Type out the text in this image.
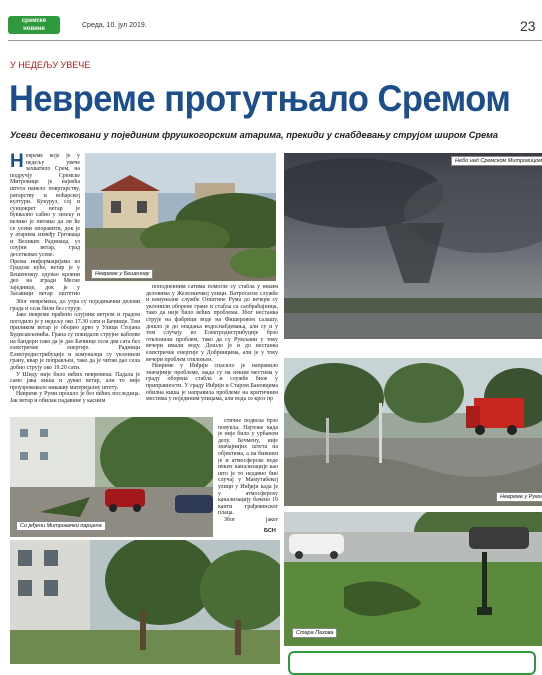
сремске
новине	Среда, 10. јул 2019.	23
У НЕДЕЉУ УВЕЧЕ
Невреме протутњало Сремом
Усеви десетковани у појединим фрушкогорским атарима, прекиди у снабдевању струјом широм Срема
Н евреме које је у недељу увече захватило Срем, на подручју Сремске Митровице је највећа штета нанело повртарству, ратарству и воћарској култури. Кукуруз, сој и сунцокрет ветар је буквално сабио у земљу и велико је питање да ли ће се усеви опоравити, док је у атарима између Грговаца и Великих Радинаца, уз олујни ветар, град десетковао усеве.
Према информацијама из Градске куће, ветар је у Бешеновцу одувао кровни део на згради Месне заједнице, док је у Засавици ветар оштетио

Због невремена, до утра су појединачни делови града и села били без струје.

Јако невреме праћено олујним ветром и градом погодило је у недељу око 17.30 сати и Бачинце. Том приликом ветар је оборио дрво у Улици Стојана Будисављевића. Грана су покидали струјне каблове на бандери тако да је дао Бачинце села два сата без електричне енергије. Радници Електродистрибуције и комуналци су уклонили грану, квар је поправљен, тако да је читав дао села добио струју око 19.20 сати.

У Шиду није било већих невремена. Падала је само јака киша и дувао ветар, али то није проузроковало никакву материјалну штету.

Невреме у Руми прошло је без већих последица. Јак ветар и обилан падавине у касним

поподневним сатима помогле су стабла у неким деловима у Железничкој улици. Ватрогасне службе и комуналне службе Општине Рума до вечери су уклонили оборене гране и стабла са саобраћајница, тако да није било већих проблема. Због нестанка струје на фабрици воде на Фишеровом салашу, дошло је до опадања водоснабдевања, али су и у том случају из Електродистрибуције брзо отклонили проблем, тако да су Румљани у току вечери имали воду. Дошло је и до нестанка електричне енергије у Добринцима, али је у току вечери проблем отклоњен.

Невреме у Инђији спасило је направило значајније проблеме, мада су на неким местима у граду оборена стабла и службе биле у приправности. У граду Инђији и Старом Бановцима обилна киша је направила проблеме на критичним местима у појединим улицама, али вода се кроз пр

стичне подвоза брзо повукла. Најтеже када је није било у урбаном делу. Бечмену, није значајнијих штета на објектима, а на бившем је и атмосферске воде неких канализације као што је то недавно био случај у Мамутабекој улици у Инђији када је у атмосферску канализацију бачено 10 канти грађевинског плаца.

Због јаког

БСН
Невреме у Бешенову
Небо над Сремском Митровицом
Невреме у Руми
Со јеђени Митровачки парцела
Стара Пазова
